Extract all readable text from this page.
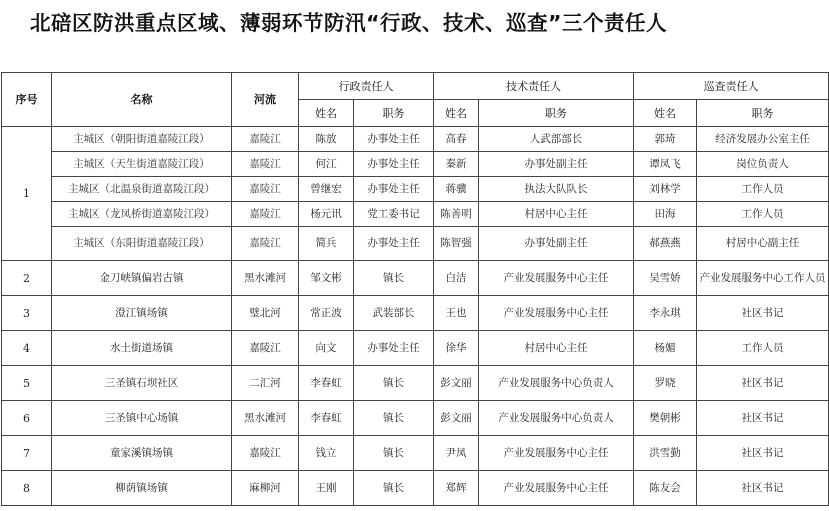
北碚区防洪重点区域、薄弱环节防汛“行政、技术、巡查”三个责任人
序号	名称	河流	行政责任人		技术责任人		巡查责任人	
			姓名	职务	姓名	职务	姓名	职务
1	主城区（朝阳街道嘉陵江段）	嘉陵江	陈放	办事处主任	高春	人武部部长	郭琦	经济发展办公室主任
	主城区（天生街道嘉陵江段）	嘉陵江	何江	办事处主任	秦新	办事处副主任	谭凤飞	岗位负责人
	主城区（北温泉街道嘉陵江段）	嘉陵江	曾继宏	办事处主任	蒋骥	执法大队队长	刘林学	工作人员
	主城区（龙凤桥街道嘉陵江段）	嘉陵江	杨元讯	党工委书记	陈善明	村居中心主任	田海	工作人员
	主城区（东阳街道嘉陵江段）	嘉陵江	简兵	办事处主任	陈智强	办事处副主任	郝燕燕	村居中心副主任
2	金刀峡镇偏岩古镇	黑水滩河	邹文彬	镇长	白洁	产业发展服务中心主任	吴雪娇	产业发展服务中心工作人员
3	澄江镇场镇	璧北河	常正波	武装部长	王也	产业发展服务中心主任	李永琪	社区书记
4	水土街道场镇	嘉陵江	向文	办事处主任	徐华	村居中心主任	杨媚	工作人员
5	三圣镇石坝社区	二汇河	李春虹	镇长	彭文丽	产业发展服务中心负责人	罗晓	社区书记
6	三圣镇中心场镇	黑水滩河	李春虹	镇长	彭文丽	产业发展服务中心负责人	樊朝彬	社区书记
7	童家溪镇场镇	嘉陵江	钱立	镇长	尹凤	产业发展服务中心主任	洪雪勤	社区书记
8	柳荫镇场镇	麻柳河	王刚	镇长	郑辉	产业发展服务中心主任	陈友会	社区书记
